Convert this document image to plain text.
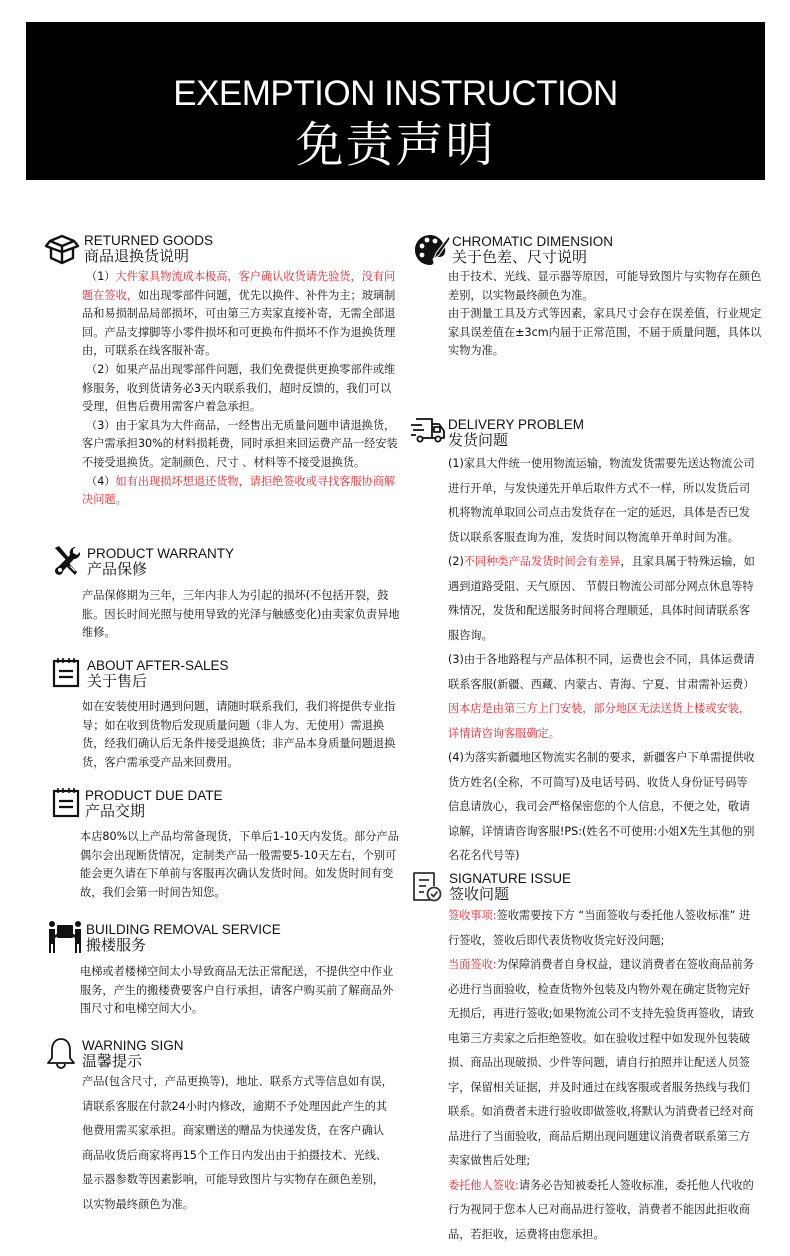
EXEMPTION INSTRUCTION
免责声明
RETURNED GOODS
商品退换货说明

（1）大件家具物流成本极高，客户确认收货请先验货，没有问题在签收，如出现零部件问题，优先以换件、补件为主；玻璃制品和易损制品局部损坏，可由第三方卖家直接补寄，无需全部退回。产品支撑脚等小零件损坏和可更换布件损坏不作为退换货理由，可联系在线客服补寄。

（2）如果产品出现零部件问题，我们免费提供更换零部件或维修服务，收到货请务必3天内联系我们，超时反馈的，我们可以受理，但售后费用需客户着急承担。

（3）由于家具为大件商品，一经售出无质量问题申请退换货，客户需承担30%的材料损耗费，同时承担来回运费产品一经安装不接受退换货。定制颜色、尺寸 、材料等不接受退换货。

（4）如有出现损坏想退还货物，请拒绝签收或寻找客服协商解决问题。

PRODUCT WARRANTY
产品保修

产品保修期为三年，三年内非人为引起的损坏(不包括开裂，鼓胀。因长时间光照与使用导致的光泽与触感变化)由卖家负责异地维修。

ABOUT AFTER-SALES
关于售后

如在安装使用时遇到问题，请随时联系我们，我们将提供专业指导；如在收到货物后发现质量问题（非人为、无使用）需退换货，经我们确认后无条件接受退换货；非产品本身质量问题退换货，客户需承受产品来回费用。

PRODUCT DUE DATE
产品交期

本店80%以上产品均常备现货，下单后1-10天内发货。部分产品偶尔会出现断货情况，定制类产品一般需要5-10天左右，个别可能会更久请在下单前与客服再次确认发货时间。如发货时间有变故，我们会第一时间告知您。

BUILDING REMOVAL SERVICE
搬楼服务

电梯或者楼梯空间太小导致商品无法正常配送，不提供空中作业服务，产生的搬楼费要客户自行承担，请客户购买前了解商品外围尺寸和电梯空间大小。

WARNING SIGN
温馨提示

产品(包含尺寸，产品更换等)，地址、联系方式等信息如有误，请联系客服在付款24小时内修改，逾期不予处理因此产生的其他费用需买家承担。商家赠送的赠品为快递发货，在客户确认商品收货后商家将再15个工作日内发出由于拍摄技术、光线、显示器参数等因素影响，可能导致图片与实物存在颜色差别，以实物最终颜色为准。

CHROMATIC DIMENSION
关于色差、尺寸说明

由于技术、光线、显示器等原因，可能导致图片与实物存在颜色差别，以实物最终颜色为准。

由于测量工具及方式等因素，家具尺寸会存在误差值，行业规定家具误差值在±3cm内届于正常范围，不届于质量问题，具体以实物为准。

DELIVERY PROBLEM
发货问题

(1)家具大件统一使用物流运输，物流发货需要先送达物流公司进行开单，与发快递先开单后取件方式不一样，所以发货后司机将物流单取回公司点击发货存在一定的延迟，具体是否已发货以联系客服查询为准，发货时间以物流单开单时间为准。

(2)不同种类产品发货时间会有差异，且家具属于特殊运输，如遇到道路受阻、天气原因、 节假日物流公司部分网点休息等特殊情况，发货和配送服务时间将合理顺延，具体时间请联系客服咨询。

(3)由于各地路程与产品体积不同，运费也会不同，具体运费请联系客服(新疆、西藏、内蒙古、青海、宁夏、甘肃需补运费）因本店是由第三方上门安装，部分地区无法送货上楼或安装，详情请咨询客服确定。

(4)为落实新疆地区物流实名制的要求，新疆客户下单需提供收货方姓名(全称，不可简写)及电话号码、收货人身份证号码等信息请放心，我司会严格保密您的个人信息，不便之处，敬请谅解，详情请咨询客服!PS:(姓名不可使用:小姐X先生其他的别名花名代号等)

SIGNATURE ISSUE
签收问题

签收事项:签收需要按下方 “当面签收与委托他人签收标准” 进行签收，签收后即代表货物收货完好没问题;

当面签收:为保障消费者自身权益，建议消费者在签收商品前务必进行当面验收，检查货物外包装及内物外观在确定货物完好无损后，再进行签收;如果物流公司不支持先验货再签收，请致电第三方卖家之后拒绝签收。如在验收过程中如发现外包装破损、商品出现破损、少件等问题，请自行拍照并让配送人员签字，保留相关证据，并及时通过在线客服或者服务热线与我们联系。如消费者未进行验收即做签收,将默认为消费者已经对商品进行了当面验收，商品后期出现问题建议消费者联系第三方卖家做售后处理;

委托他人签收:请务必告知被委托人签收标准，委托他人代收的行为视同于您本人已对商品进行签收，消费者不能因此拒收商品，若拒收，运费将由您承担。
